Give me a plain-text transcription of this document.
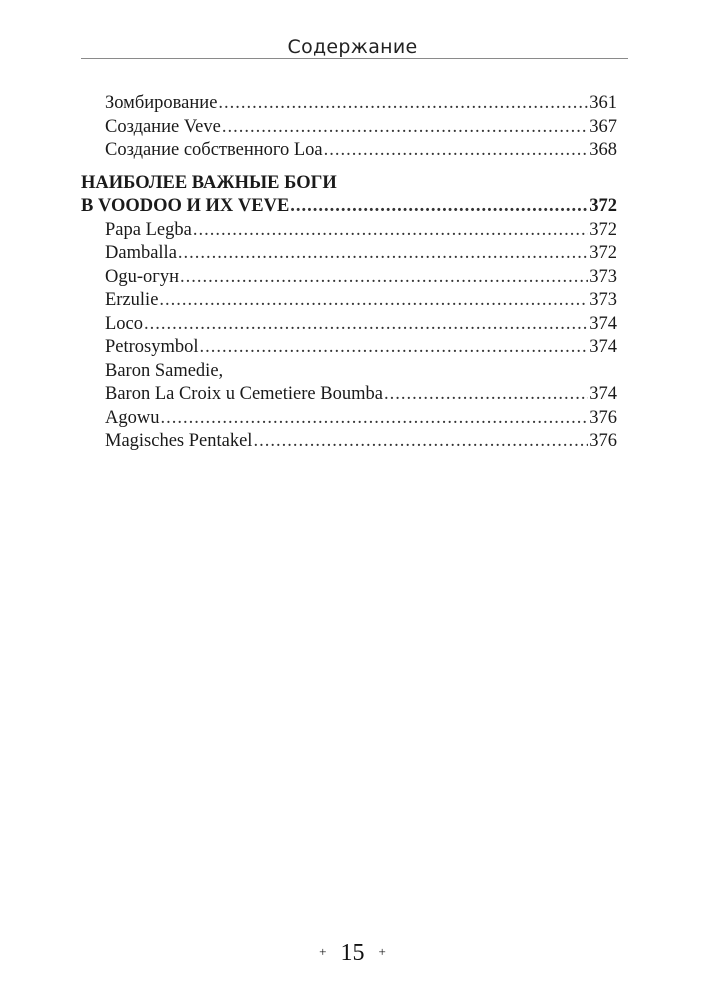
Содержание
Зомбирование .....	361
Создание Veve .....	367
Создание собственного Loa .....	368
НАИБОЛЕЕ ВАЖНЫЕ БОГИ
В VOODOO И ИХ VEVE .....	372
Papa Legba .....	372
Damballa .....	372
Ogu-огун .....	373
Erzulie .....	373
Loco .....	374
Petrosymbol .....	374
Baron Samedie,
Baron La Croix u Cemetiere Boumba .....	374
Agowu .....	376
Magisches Pentakel .....	376
+ 15 +
